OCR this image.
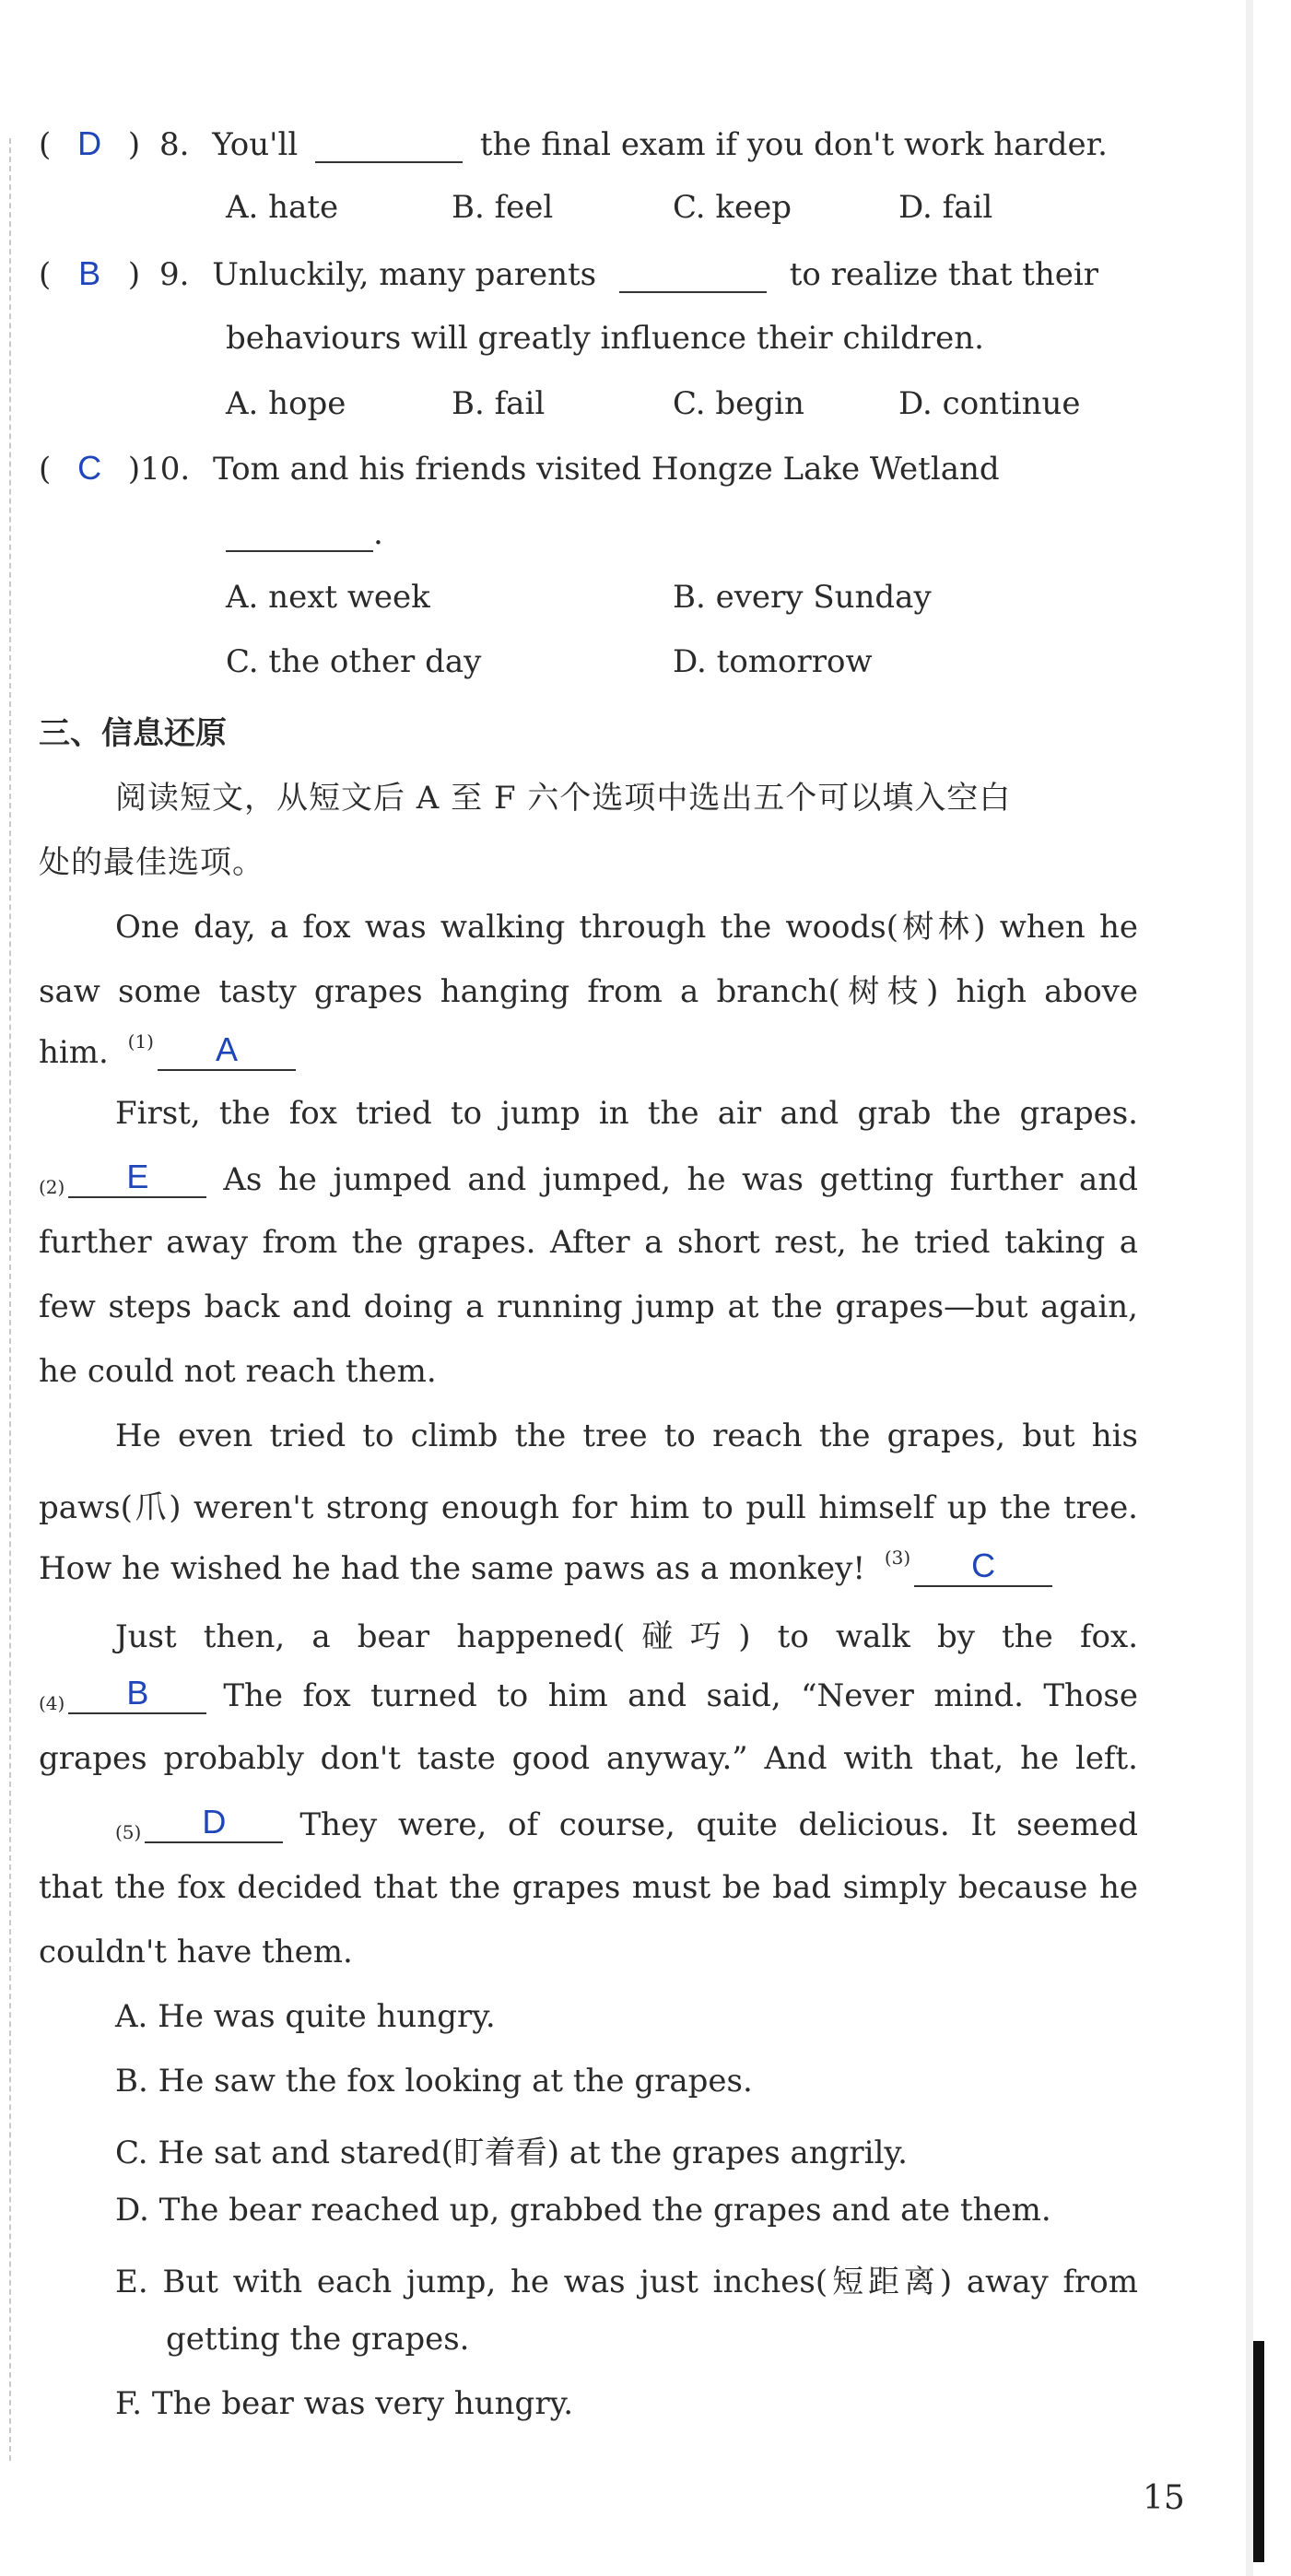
( D ) 8. You'll	the final exam if you don't work harder.
A. hate	B. feel	C. keep	D. fail
( B ) 9. Unluckily, many parents	to realize that their
behaviours will greatly influence their children.
A. hope	B. fail	C. begin	D. continue
( C )10. Tom and his friends visited Hongze Lake Wetland
.
A. next week	B. every Sunday
C. the other day	D. tomorrow
三、信息还原
阅读短文，从短文后 A 至 F 六个选项中选出五个可以填入空白
处的最佳选项。
One day, a fox was walking through the woods(树林) when he
saw some tasty grapes hanging from a branch(树枝) high above
him. $^{(1)}$ A
First, the fox tried to jump in the air and grab the grapes.
(2)	E	As he jumped and jumped, he was getting further and
further away from the grapes. After a short rest, he tried taking a
few steps back and doing a running jump at the grapes—but again,
he could not reach them.
He even tried to climb the tree to reach the grapes, but his
paws(爪) weren't strong enough for him to pull himself up the tree.
How he wished he had the same paws as a monkey! $^{(3)}$ C
Just then, a bear happened(碰巧) to walk by the fox.
(4)	B	The fox turned to him and said, “Never mind. Those
grapes probably don't taste good anyway.” And with that, he left.
(5)	D	They were, of course, quite delicious. It seemed
that the fox decided that the grapes must be bad simply because he
couldn't have them.
A. He was quite hungry.
B. He saw the fox looking at the grapes.
C. He sat and stared(盯着看) at the grapes angrily.
D. The bear reached up, grabbed the grapes and ate them.
E. But with each jump, he was just inches(短距离) away from
getting the grapes.
F. The bear was very hungry.
15
